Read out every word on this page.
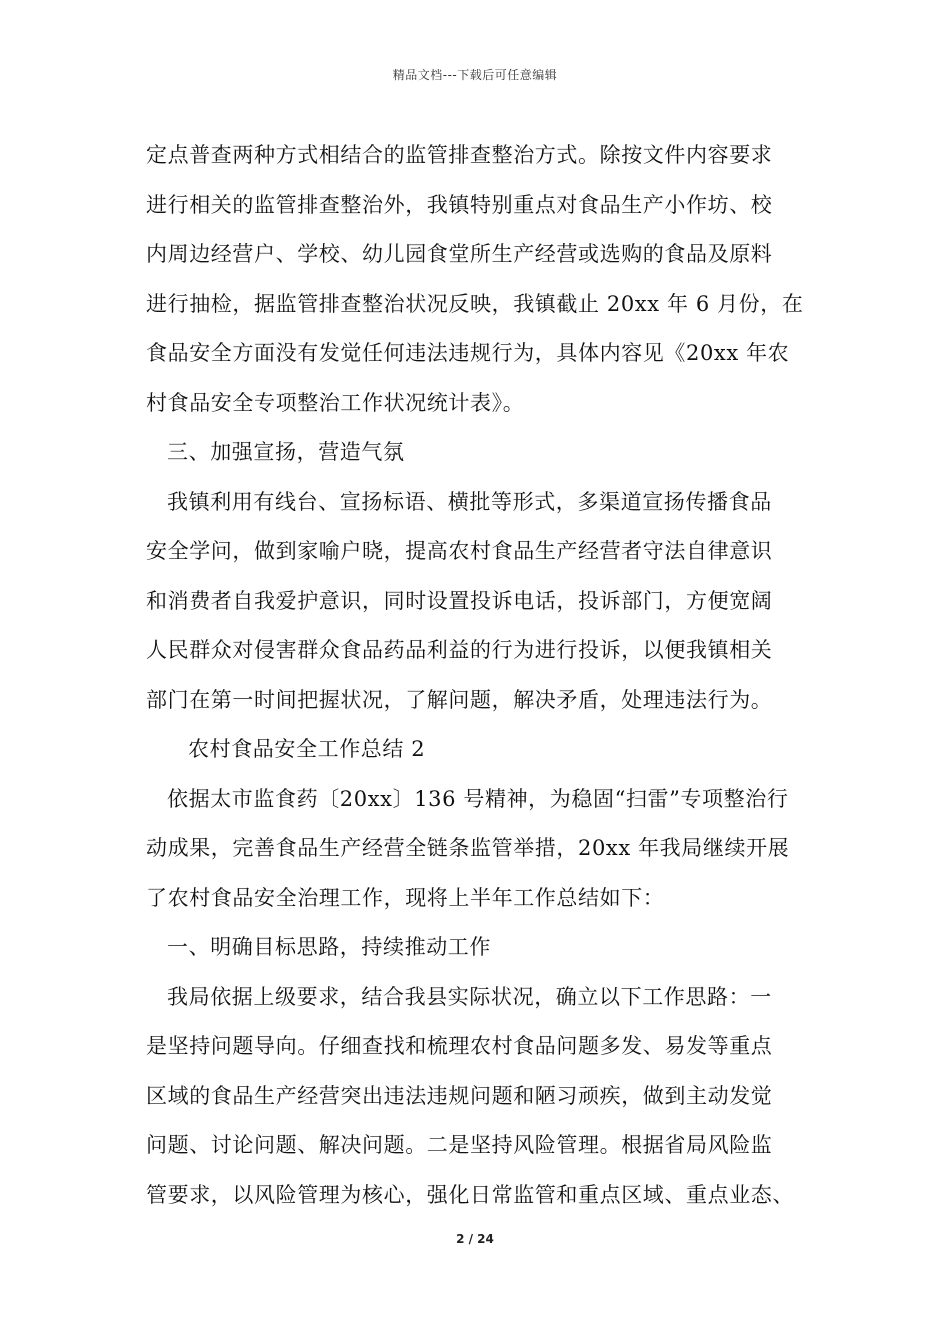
精品文档---下载后可任意编辑
定点普查两种方式相结合的监管排查整治方式。除按文件内容要求
进行相关的监管排查整治外，我镇特别重点对食品生产小作坊、校
内周边经营户、学校、幼儿园食堂所生产经营或选购的食品及原料
进行抽检，据监管排查整治状况反映，我镇截止 20xx 年 6 月份，在
食品安全方面没有发觉任何违法违规行为，具体内容见《20xx 年农
村食品安全专项整治工作状况统计表》。
三、加强宣扬，营造气氛
我镇利用有线台、宣扬标语、横批等形式，多渠道宣扬传播食品
安全学问，做到家喻户晓，提高农村食品生产经营者守法自律意识
和消费者自我爱护意识，同时设置投诉电话，投诉部门，方便宽阔
人民群众对侵害群众食品药品利益的行为进行投诉，以便我镇相关
部门在第一时间把握状况，了解问题，解决矛盾，处理违法行为。
农村食品安全工作总结 2
依据太市监食药〔20xx〕136 号精神，为稳固“扫雷”专项整治行
动成果，完善食品生产经营全链条监管举措，20xx 年我局继续开展
了农村食品安全治理工作，现将上半年工作总结如下：
一、明确目标思路，持续推动工作
我局依据上级要求，结合我县实际状况，确立以下工作思路：一
是坚持问题导向。仔细查找和梳理农村食品问题多发、易发等重点
区域的食品生产经营突出违法违规问题和陋习顽疾，做到主动发觉
问题、讨论问题、解决问题。二是坚持风险管理。根据省局风险监
管要求，以风险管理为核心，强化日常监管和重点区域、重点业态、
2 / 24
